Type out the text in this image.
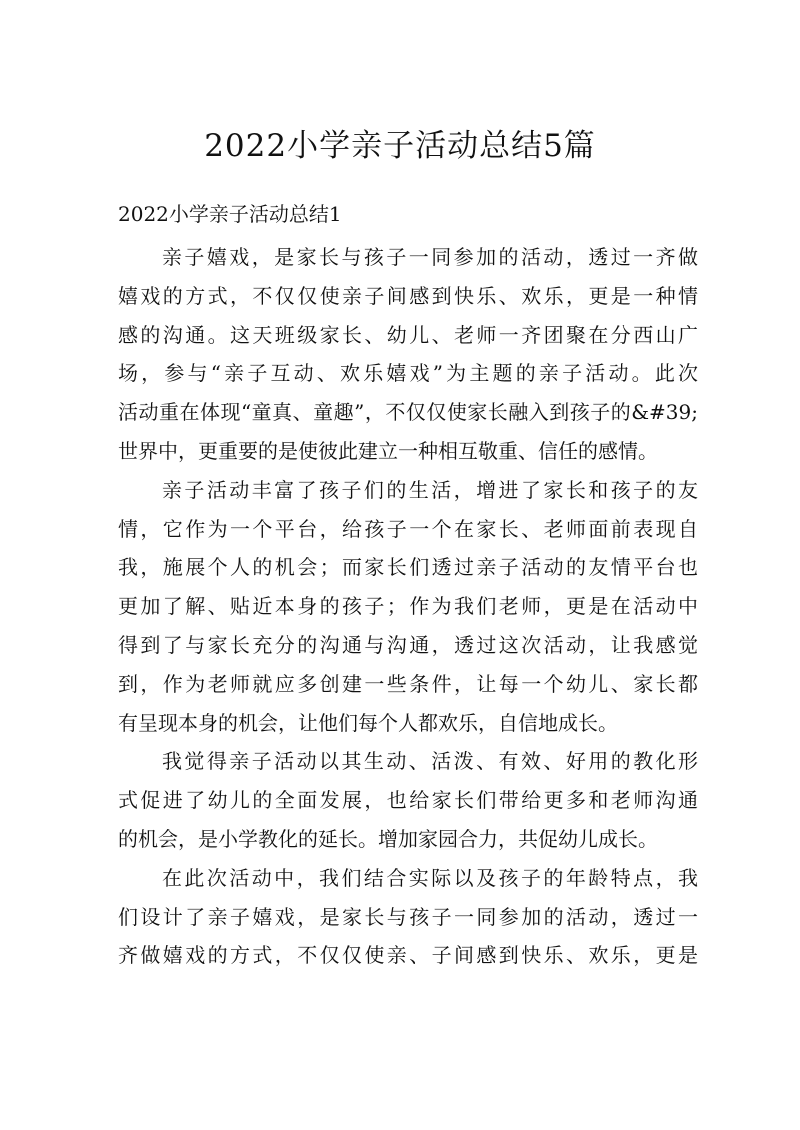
2022小学亲子活动总结5篇
2022小学亲子活动总结1
亲子嬉戏，是家长与孩子一同参加的活动，透过一齐做
嬉戏的方式，不仅仅使亲子间感到快乐、欢乐，更是一种情
感的沟通。这天班级家长、幼儿、老师一齐团聚在分西山广
场，参与“亲子互动、欢乐嬉戏”为主题的亲子活动。此次
活动重在体现“童真、童趣”，不仅仅使家长融入到孩子的&#39;
世界中，更重要的是使彼此建立一种相互敬重、信任的感情。
亲子活动丰富了孩子们的生活，增进了家长和孩子的友
情，它作为一个平台，给孩子一个在家长、老师面前表现自
我，施展个人的机会；而家长们透过亲子活动的友情平台也
更加了解、贴近本身的孩子；作为我们老师，更是在活动中
得到了与家长充分的沟通与沟通，透过这次活动，让我感觉
到，作为老师就应多创建一些条件，让每一个幼儿、家长都
有呈现本身的机会，让他们每个人都欢乐，自信地成长。
我觉得亲子活动以其生动、活泼、有效、好用的教化形
式促进了幼儿的全面发展，也给家长们带给更多和老师沟通
的机会，是小学教化的延长。增加家园合力，共促幼儿成长。
在此次活动中，我们结合实际以及孩子的年龄特点，我
们设计了亲子嬉戏，是家长与孩子一同参加的活动，透过一
齐做嬉戏的方式，不仅仅使亲、子间感到快乐、欢乐，更是
